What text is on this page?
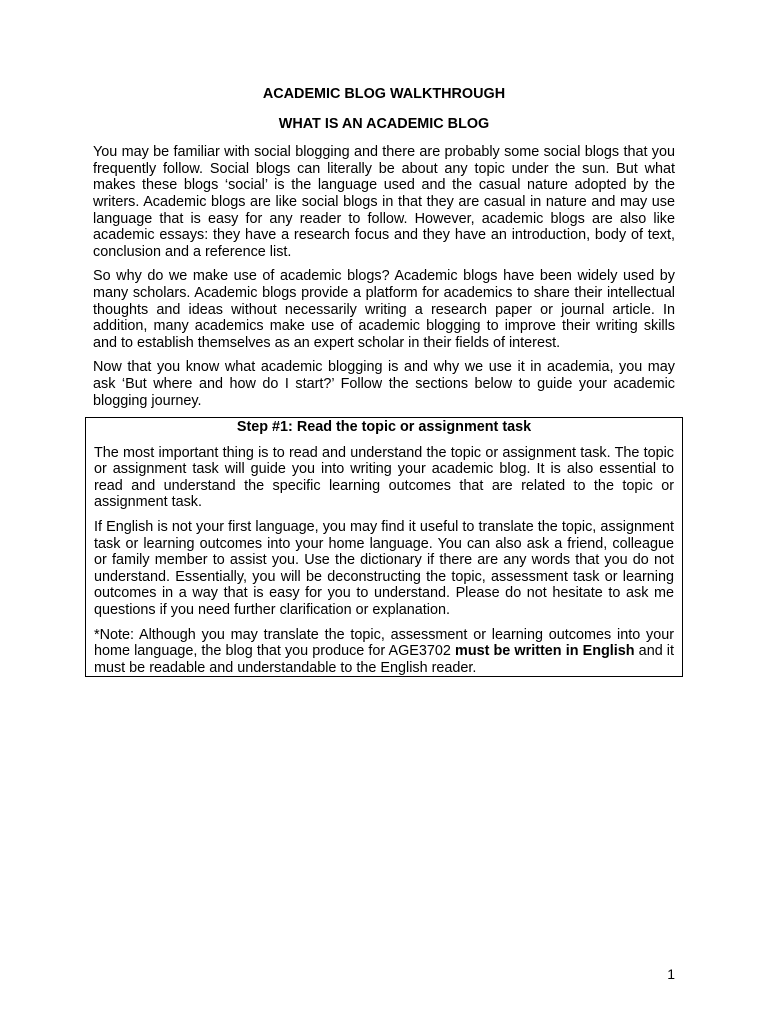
ACADEMIC BLOG WALKTHROUGH
WHAT IS AN ACADEMIC BLOG

You may be familiar with social blogging and there are probably some social blogs that you frequently follow. Social blogs can literally be about any topic under the sun. But what makes these blogs ‘social’ is the language used and the casual nature adopted by the writers. Academic blogs are like social blogs in that they are casual in nature and may use language that is easy for any reader to follow. However, academic blogs are also like academic essays: they have a research focus and they have an introduction, body of text, conclusion and a reference list.

So why do we make use of academic blogs? Academic blogs have been widely used by many scholars. Academic blogs provide a platform for academics to share their intellectual thoughts and ideas without necessarily writing a research paper or journal article. In addition, many academics make use of academic blogging to improve their writing skills and to establish themselves as an expert scholar in their fields of interest.

Now that you know what academic blogging is and why we use it in academia, you may ask ‘But where and how do I start?’ Follow the sections below to guide your academic blogging journey.

Step #1: Read the topic or assignment task

The most important thing is to read and understand the topic or assignment task. The topic or assignment task will guide you into writing your academic blog. It is also essential to read and understand the specific learning outcomes that are related to the topic or assignment task.

If English is not your first language, you may find it useful to translate the topic, assignment task or learning outcomes into your home language. You can also ask a friend, colleague or family member to assist you. Use the dictionary if there are any words that you do not understand. Essentially, you will be deconstructing the topic, assessment task or learning outcomes in a way that is easy for you to understand. Please do not hesitate to ask me questions if you need further clarification or explanation.

*Note: Although you may translate the topic, assessment or learning outcomes into your home language, the blog that you produce for AGE3702 must be written in English and it must be readable and understandable to the English reader.

1
